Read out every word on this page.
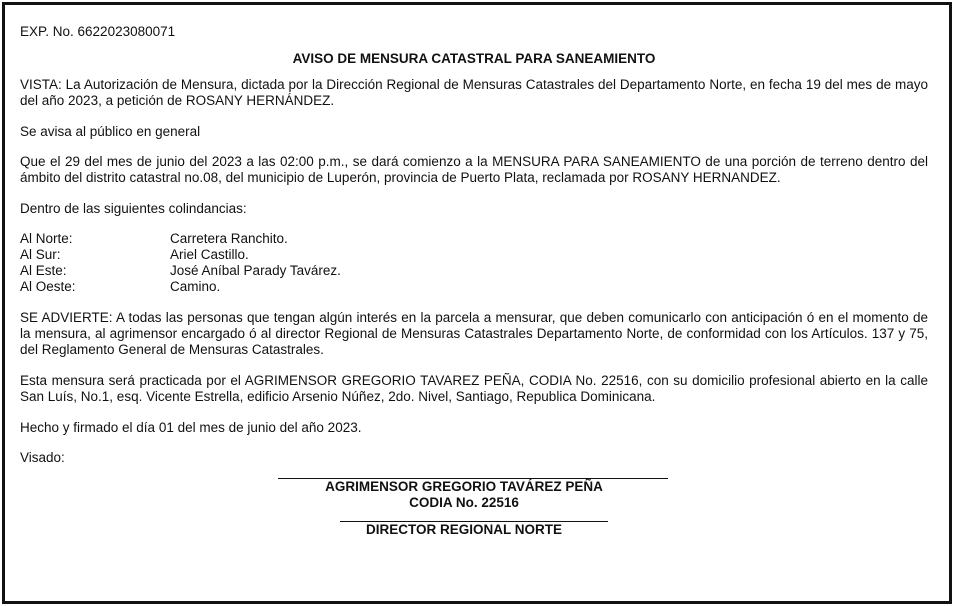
EXP. No. 6622023080071

AVISO DE MENSURA CATASTRAL PARA SANEAMIENTO

VISTA: La Autorización de Mensura, dictada por la Dirección Regional de Mensuras Catastrales del Departamento Norte, en fecha 19 del mes de mayo del año 2023, a petición de ROSANY HERNÁNDEZ.

Se avisa al público en general

Que el 29 del mes de junio del 2023 a las 02:00 p.m., se dará comienzo a la MENSURA PARA SANEAMIENTO de una porción de terreno dentro del ámbito del distrito catastral no.08, del municipio de Luperón, provincia de Puerto Plata, reclamada por ROSANY HERNANDEZ.

Dentro de las siguientes colindancias:

Al Norte:	Carretera Ranchito.
Al Sur:	Ariel Castillo.
Al Este:	José Aníbal Parady Tavárez.
Al Oeste:	Camino.

SE ADVIERTE: A todas las personas que tengan algún interés en la parcela a mensurar, que deben comunicarlo con anticipación ó en el momento de la mensura, al agrimensor encargado ó al director Regional de Mensuras Catastrales Departamento Norte, de conformidad con los Artículos. 137 y 75, del Reglamento General de Mensuras Catastrales.

Esta mensura será practicada por el AGRIMENSOR GREGORIO TAVAREZ PEÑA, CODIA No. 22516, con su domicilio profesional abierto en la calle San Luís, No.1, esq. Vicente Estrella, edificio Arsenio Núñez, 2do. Nivel, Santiago, Republica Dominicana.

Hecho y firmado el día 01 del mes de junio del año 2023.

Visado:

AGRIMENSOR GREGORIO TAVÁREZ PEÑA

CODIA No. 22516

DIRECTOR REGIONAL NORTE
